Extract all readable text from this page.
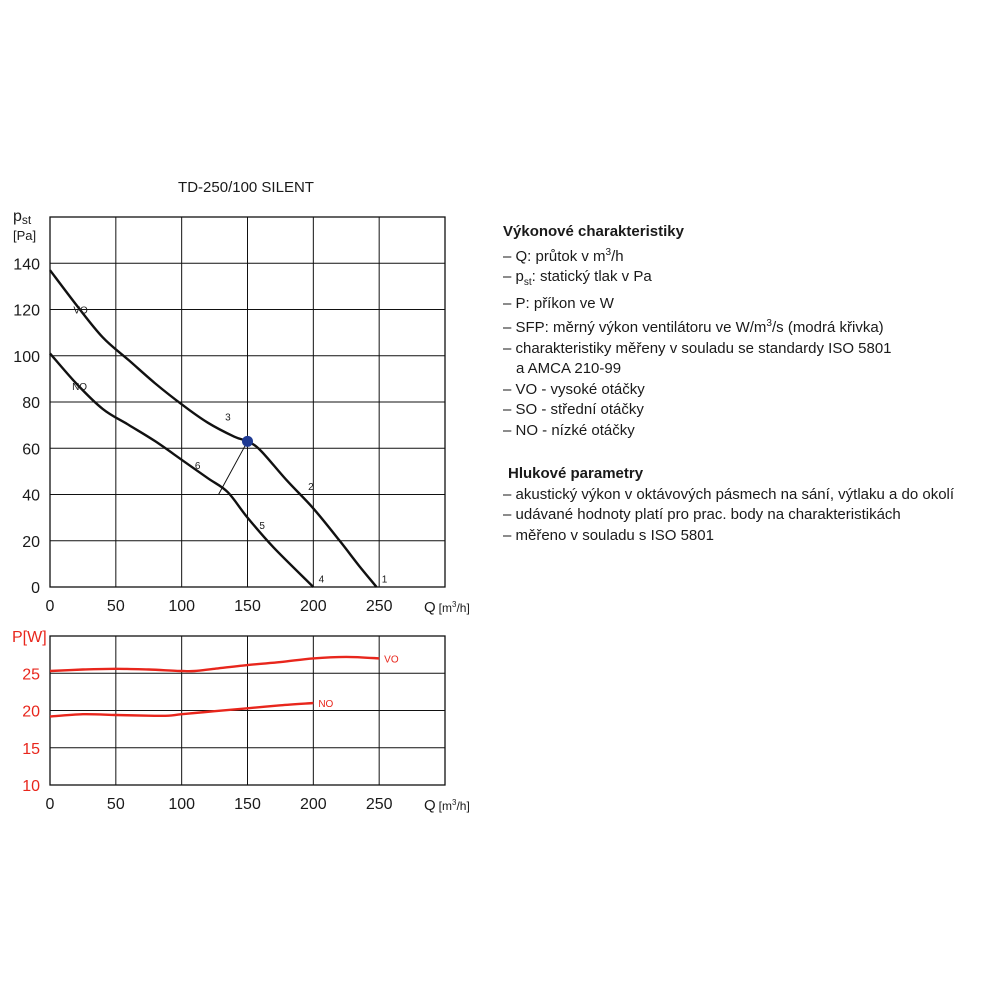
TD-250/100 SILENT
0	50	100 150 200 250
0
20
40
60
80
100
120
140
VO
NO
1
2
3
4
5
6
pst
[Pa]
Q [$m^3_{/h]}$
0	50	100 150 200 250
10
15
20
25
VO
NO
P[W]
Q [$m^3_{/h]}$
Výkonové charakteristiky
– Q: průtok v $m^3/h$
– $p_{st}$: statický tlak v Pa
– P: příkon ve W
– SFP: měrný výkon ventilátoru ve $W/m^3/s$ (modrá křivka)
– charakteristiky měřeny v souladu se standardy ISO 5801
a AMCA 210-99
– VO - vysoké otáčky
– SO - střední otáčky
– NO - nízké otáčky
Hlukové parametry
– akustický výkon v oktávových pásmech na sání, výtlaku a do okolí
– udávané hodnoty platí pro prac. body na charakteristikách
– měřeno v souladu s ISO 5801
